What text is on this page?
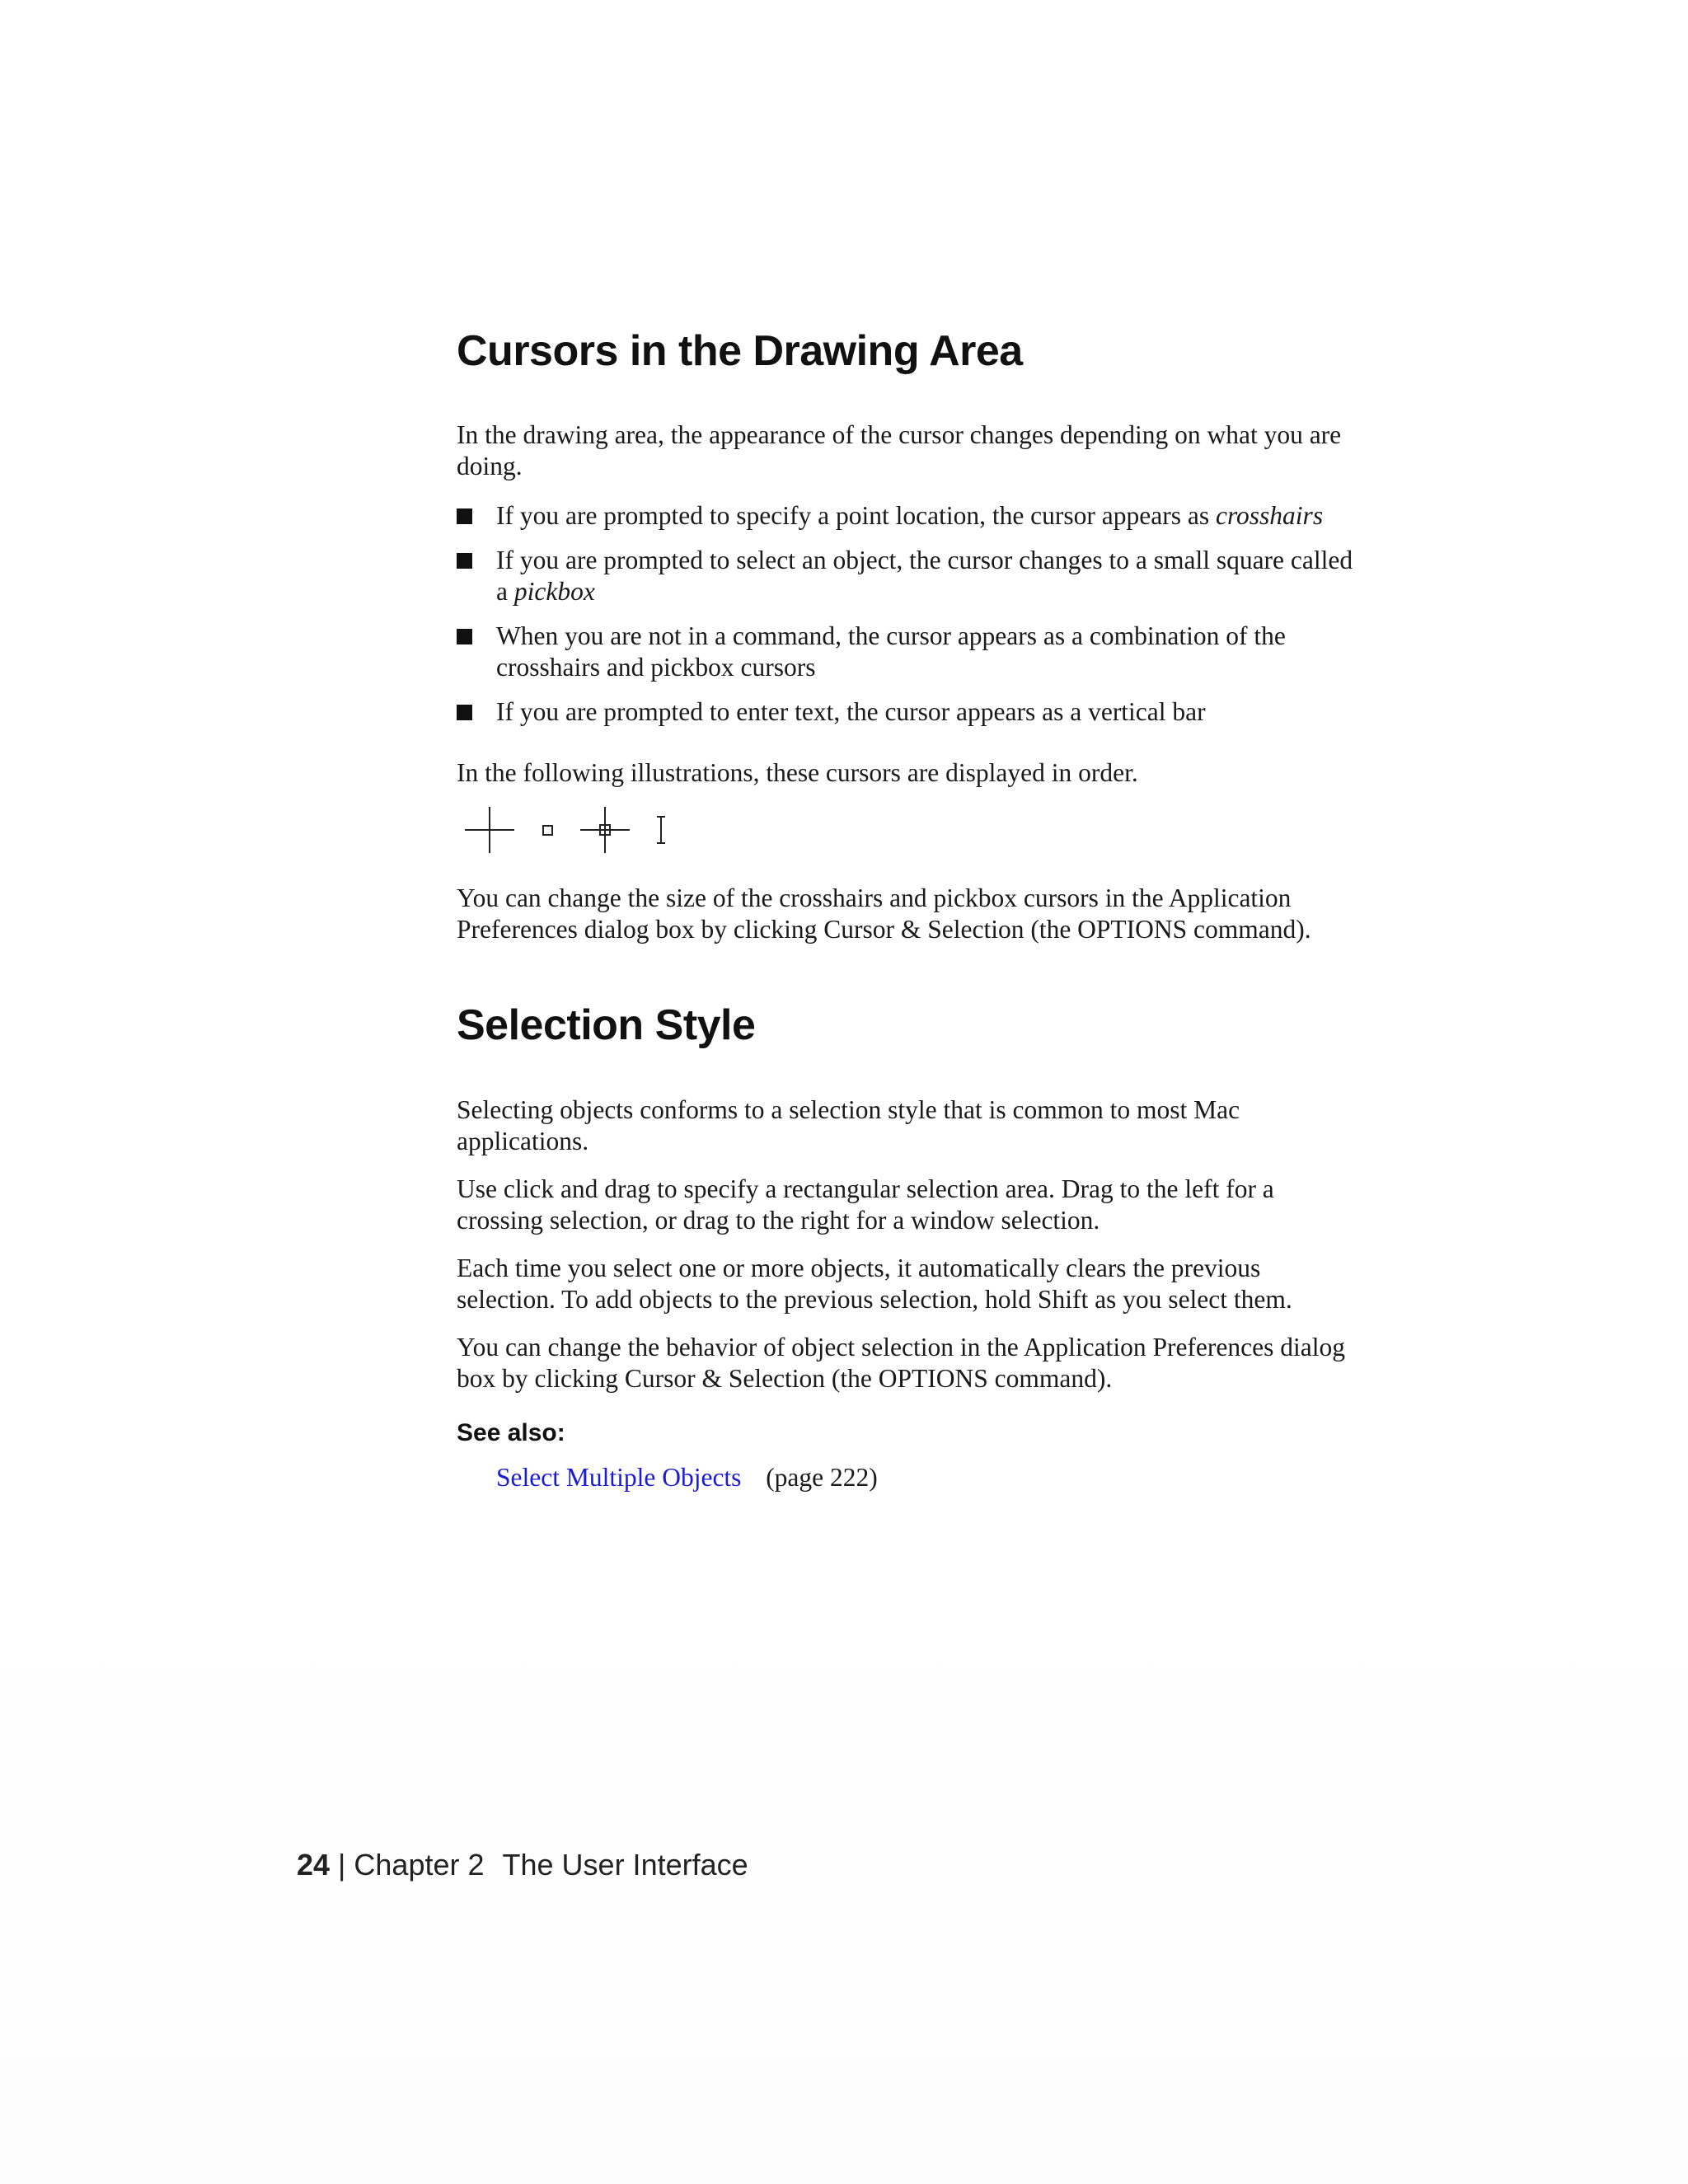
Cursors in the Drawing Area

In the drawing area, the appearance of the cursor changes depending on what you are doing.

If you are prompted to specify a point location, the cursor appears as crosshairs
If you are prompted to select an object, the cursor changes to a small square called a pickbox
When you are not in a command, the cursor appears as a combination of the crosshairs and pickbox cursors
If you are prompted to enter text, the cursor appears as a vertical bar

In the following illustrations, these cursors are displayed in order.

You can change the size of the crosshairs and pickbox cursors in the Application Preferences dialog box by clicking Cursor & Selection (the OPTIONS command).

Selection Style

Selecting objects conforms to a selection style that is common to most Mac applications.

Use click and drag to specify a rectangular selection area. Drag to the left for a crossing selection, or drag to the right for a window selection.

Each time you select one or more objects, it automatically clears the previous selection. To add objects to the previous selection, hold Shift as you select them.

You can change the behavior of object selection in the Application Preferences dialog box by clicking Cursor & Selection (the OPTIONS command).

See also:

Select Multiple Objects (page 222)
24 | Chapter 2 The User Interface
